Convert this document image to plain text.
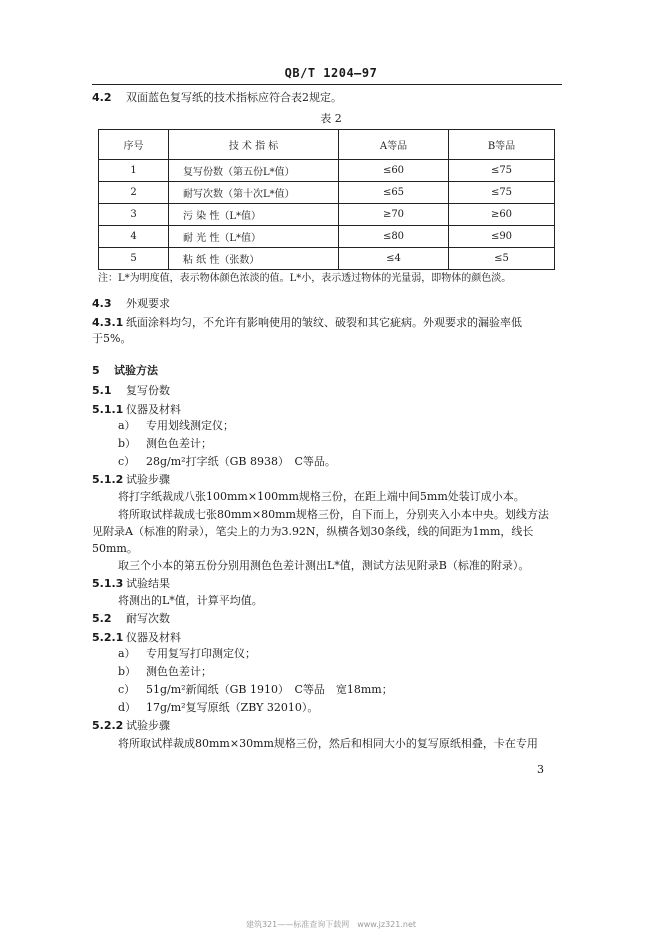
QB/T 1204—97
4.2 双面蓝色复写纸的技术指标应符合表2规定。
表 2
序号	技 术 指 标	A等品	B等品
1	复写份数（第五份L*值）	≤60	≤75
2	耐写次数（第十次L*值）	≤65	≤75
3	污 染 性（L*值）	≥70	≥60
4	耐 光 性（L*值）	≤80	≤90
5	粘 纸 性（张数）	≤4	≤5
注：L*为明度值，表示物体颜色浓淡的值。L*小，表示透过物体的光量弱，即物体的颜色淡。
4.3 外观要求
4.3.1 纸面涂料均匀，不允许有影响使用的皱纹、破裂和其它疵病。外观要求的漏验率低
于5%。
5 试验方法
5.1 复写份数
5.1.1 仪器及材料
a） 专用划线测定仪；
b） 测色色差计；
c） 28g/m²打字纸（GB 8938）　C等品。
5.1.2 试验步骤
将打字纸裁成八张100mm×100mm规格三份，在距上端中间5mm处装订成小本。
将所取试样裁成七张80mm×80mm规格三份，自下而上，分别夹入小本中央。划线方法
见附录A（标准的附录），笔尖上的力为3.92N，纵横各划30条线，线的间距为1mm，线长
50mm。
取三个小本的第五份分别用测色色差计测出L*值，测试方法见附录B（标准的附录）。
5.1.3 试验结果
将测出的L*值，计算平均值。
5.2 耐写次数
5.2.1 仪器及材料
a） 专用复写打印测定仪；
b） 测色色差计；
c） 51g/m²新闻纸（GB 1910）　C等品　宽18mm；
d） 17g/m²复写原纸（ZBY 32010）。
5.2.2 试验步骤
将所取试样裁成80mm×30mm规格三份，然后和相同大小的复写原纸相叠，卡在专用
3
建筑321——标准查询下载网　www.jz321.net
